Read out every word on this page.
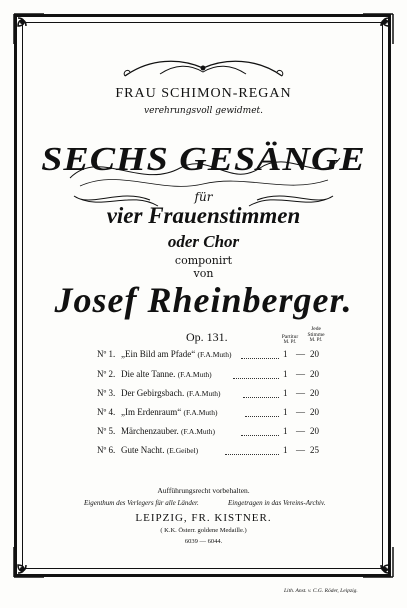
FRAU SCHIMON-REGAN
verehrungsvoll gewidmet.
SECHS GESÄNGE
für
vier Frauenstimmen
oder Chor
componirt
von
Josef Rheinberger.
Op. 131.	Partitur
M. Pf.
Jede
Stimme
M. Pf.
Nº 1. „Ein Bild am Pfade“ (F.A.Muth)	1 — 20
Nº 2. Die alte Tanne. (F.A.Muth)	1 — 20
Nº 3. Der Gebirgsbach. (F.A.Muth)	1 — 20
Nº 4. „Im Erdenraum“ (F.A.Muth)	1 — 20
Nº 5. Märchenzauber. (F.A.Muth)	1 — 20
Nº 6. Gute Nacht. (E.Geibel)	1 — 25
Aufführungsrecht vorbehalten.
Eigenthum des Verlegers für alle Länder.	Eingetragen in das Vereins-Archiv.
LEIPZIG, FR. KISTNER.
( K.K. Österr. goldene Medaille.)
6039 — 6044.
Lith. Anst. v. C.G. Röder, Leipzig.
